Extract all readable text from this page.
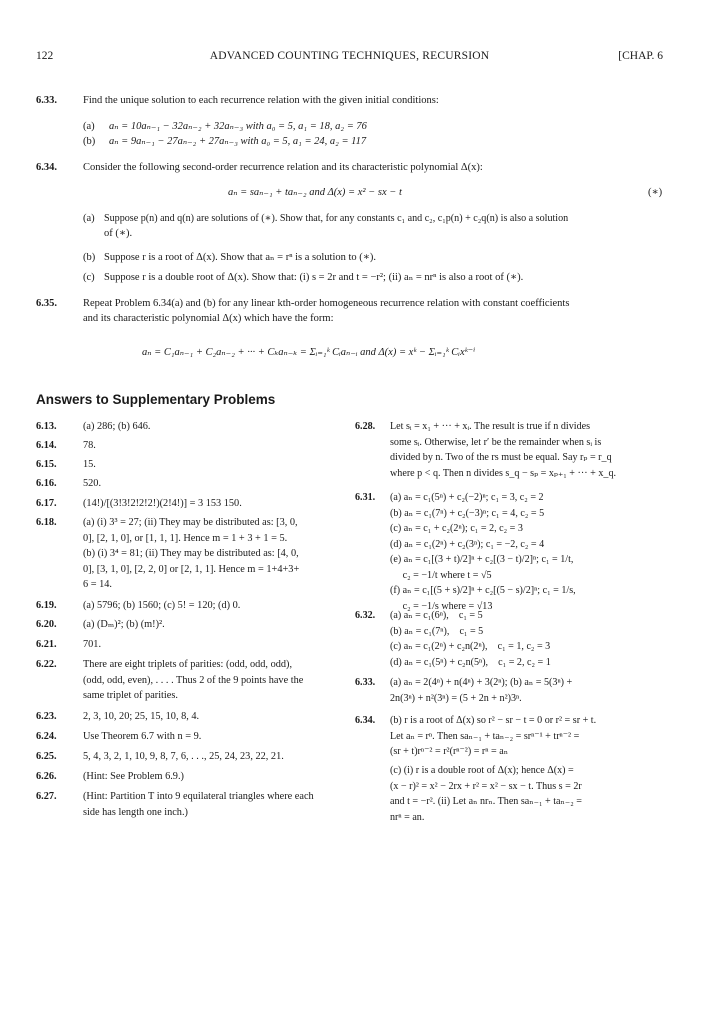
122	ADVANCED COUNTING TECHNIQUES, RECURSION	[CHAP. 6
6.33. Find the unique solution to each recurrence relation with the given initial conditions:
(a) aₙ = 10aₙ₋₁ − 32aₙ₋₂ + 32aₙ₋₃ with a₀ = 5, a₁ = 18, a₂ = 76
(b) aₙ = 9aₙ₋₁ − 27aₙ₋₂ + 27aₙ₋₃ with a₀ = 5, a₁ = 24, a₂ = 117
6.34. Consider the following second-order recurrence relation and its characteristic polynomial Δ(x):
aₙ = saₙ₋₁ + taₙ₋₂ and Δ(x) = x² − sx − t	(∗)
(a) Suppose p(n) and q(n) are solutions of (∗). Show that, for any constants c₁ and c₂, c₁p(n) + c₂q(n) is also a solution
of (∗).
(b) Suppose r is a root of Δ(x). Show that aₙ = rⁿ is a solution to (∗).
(c) Suppose r is a double root of Δ(x). Show that: (i) s = 2r and t = −r²; (ii) aₙ = nrⁿ is also a root of (∗).
6.35. Repeat Problem 6.34(a) and (b) for any linear kth-order homogeneous recurrence relation with constant coefficients
and its characteristic polynomial Δ(x) which have the form:
aₙ = C₁aₙ₋₁ + C₂aₙ₋₂ + ··· + Cₖaₙ₋ₖ = Σᵢ₌₁ᵏ Cᵢaₙ₋ᵢ and Δ(x) = xᵏ − Σᵢ₌₁ᵏ Cᵢxᵏ⁻ⁱ
Answers to Supplementary Problems
6.13.	(a) 286; (b) 646.
6.14.	78.
6.15.	15.
6.16.	520.
6.17.	(14!)/[(3!3!2!2!2!)(2!4!)] = 3 153 150.
6.18.	(a) (i) 3³ = 27; (ii) They may be distributed as: [3, 0,
0], [2, 1, 0], or [1, 1, 1]. Hence m = 1 + 3 + 1 = 5.
(b) (i) 3⁴ = 81; (ii) They may be distributed as: [4, 0,
0], [3, 1, 0], [2, 2, 0] or [2, 1, 1]. Hence m = 1+4+3+
6 = 14.
6.19.	(a) 5796; (b) 1560; (c) 5! = 120; (d) 0.
6.20.	(a) (Dₘ)²; (b) (m!)².
6.21.	701.
6.22.	There are eight triplets of parities: (odd, odd, odd),
(odd, odd, even), . . . . Thus 2 of the 9 points have the
same triplet of parities.
6.23.	2, 3, 10, 20; 25, 15, 10, 8, 4.
6.24.	Use Theorem 6.7 with n = 9.
6.25.	5, 4, 3, 2, 1, 10, 9, 8, 7, 6, . . ., 25, 24, 23, 22, 21.
6.26.	(Hint: See Problem 6.9.)
6.27.	(Hint: Partition T into 9 equilateral triangles where each
side has length one inch.)
6.28. Let sᵢ = x₁ + ··· + xᵢ. The result is true if n divides
some sᵢ. Otherwise, let r′ be the remainder when sᵢ is
divided by n. Two of the rs must be equal. Say rₚ = r_q
where p < q. Then n divides s_q − sₚ = xₚ₊₁ + ··· + x_q.
6.31. (a) aₙ = c₁(5ⁿ) + c₂(−2)ⁿ; c₁ = 3, c₂ = 2
(b) aₙ = c₁(7ⁿ) + c₂(−3)ⁿ; c₁ = 4, c₂ = 5
(c) aₙ = c₁ + c₂(2ⁿ); c₁ = 2, c₂ = 3
(d) aₙ = c₁(2ⁿ) + c₂(3ⁿ); c₁ = −2, c₂ = 4
(e) aₙ = c₁[(3 + t)/2]ⁿ + c₂[(3 − t)/2]ⁿ; c₁ = 1/t,
c₂ = −1/t where t = √5
(f) aₙ = c₁[(5 + s)/2]ⁿ + c₂[(5 − s)/2]ⁿ; c₁ = 1/s,
c₂ = −1/s where = √13
6.32. (a) aₙ = c₁(6ⁿ),    c₁ = 5
(b) aₙ = c₁(7ⁿ),    c₁ = 5
(c) aₙ = c₁(2ⁿ) + c₂n(2ⁿ),    c₁ = 1, c₂ = 3
(d) aₙ = c₁(5ⁿ) + c₂n(5ⁿ),    c₁ = 2, c₂ = 1
6.33. (a) aₙ = 2(4ⁿ) + n(4ⁿ) + 3(2ⁿ); (b) aₙ = 5(3ⁿ) +
2n(3ⁿ) + n²(3ⁿ) = (5 + 2n + n²)3ⁿ.
6.34. (b) r is a root of Δ(x) so r² − sr − t = 0 or r² = sr + t.
Let aₙ = rⁿ. Then saₙ₋₁ + taₙ₋₂ = srⁿ⁻¹ + trⁿ⁻² =
(sr + t)rⁿ⁻² = r²(rⁿ⁻²) = rⁿ = aₙ
(c) (i) r is a double root of Δ(x); hence Δ(x) =
(x − r)² = x² − 2rx + r² = x² − sx − t. Thus s = 2r
and t = −r². (ii) Let aₙ nrₙ. Then saₙ₋₁ + taₙ₋₂ =
nrⁿ = an.
